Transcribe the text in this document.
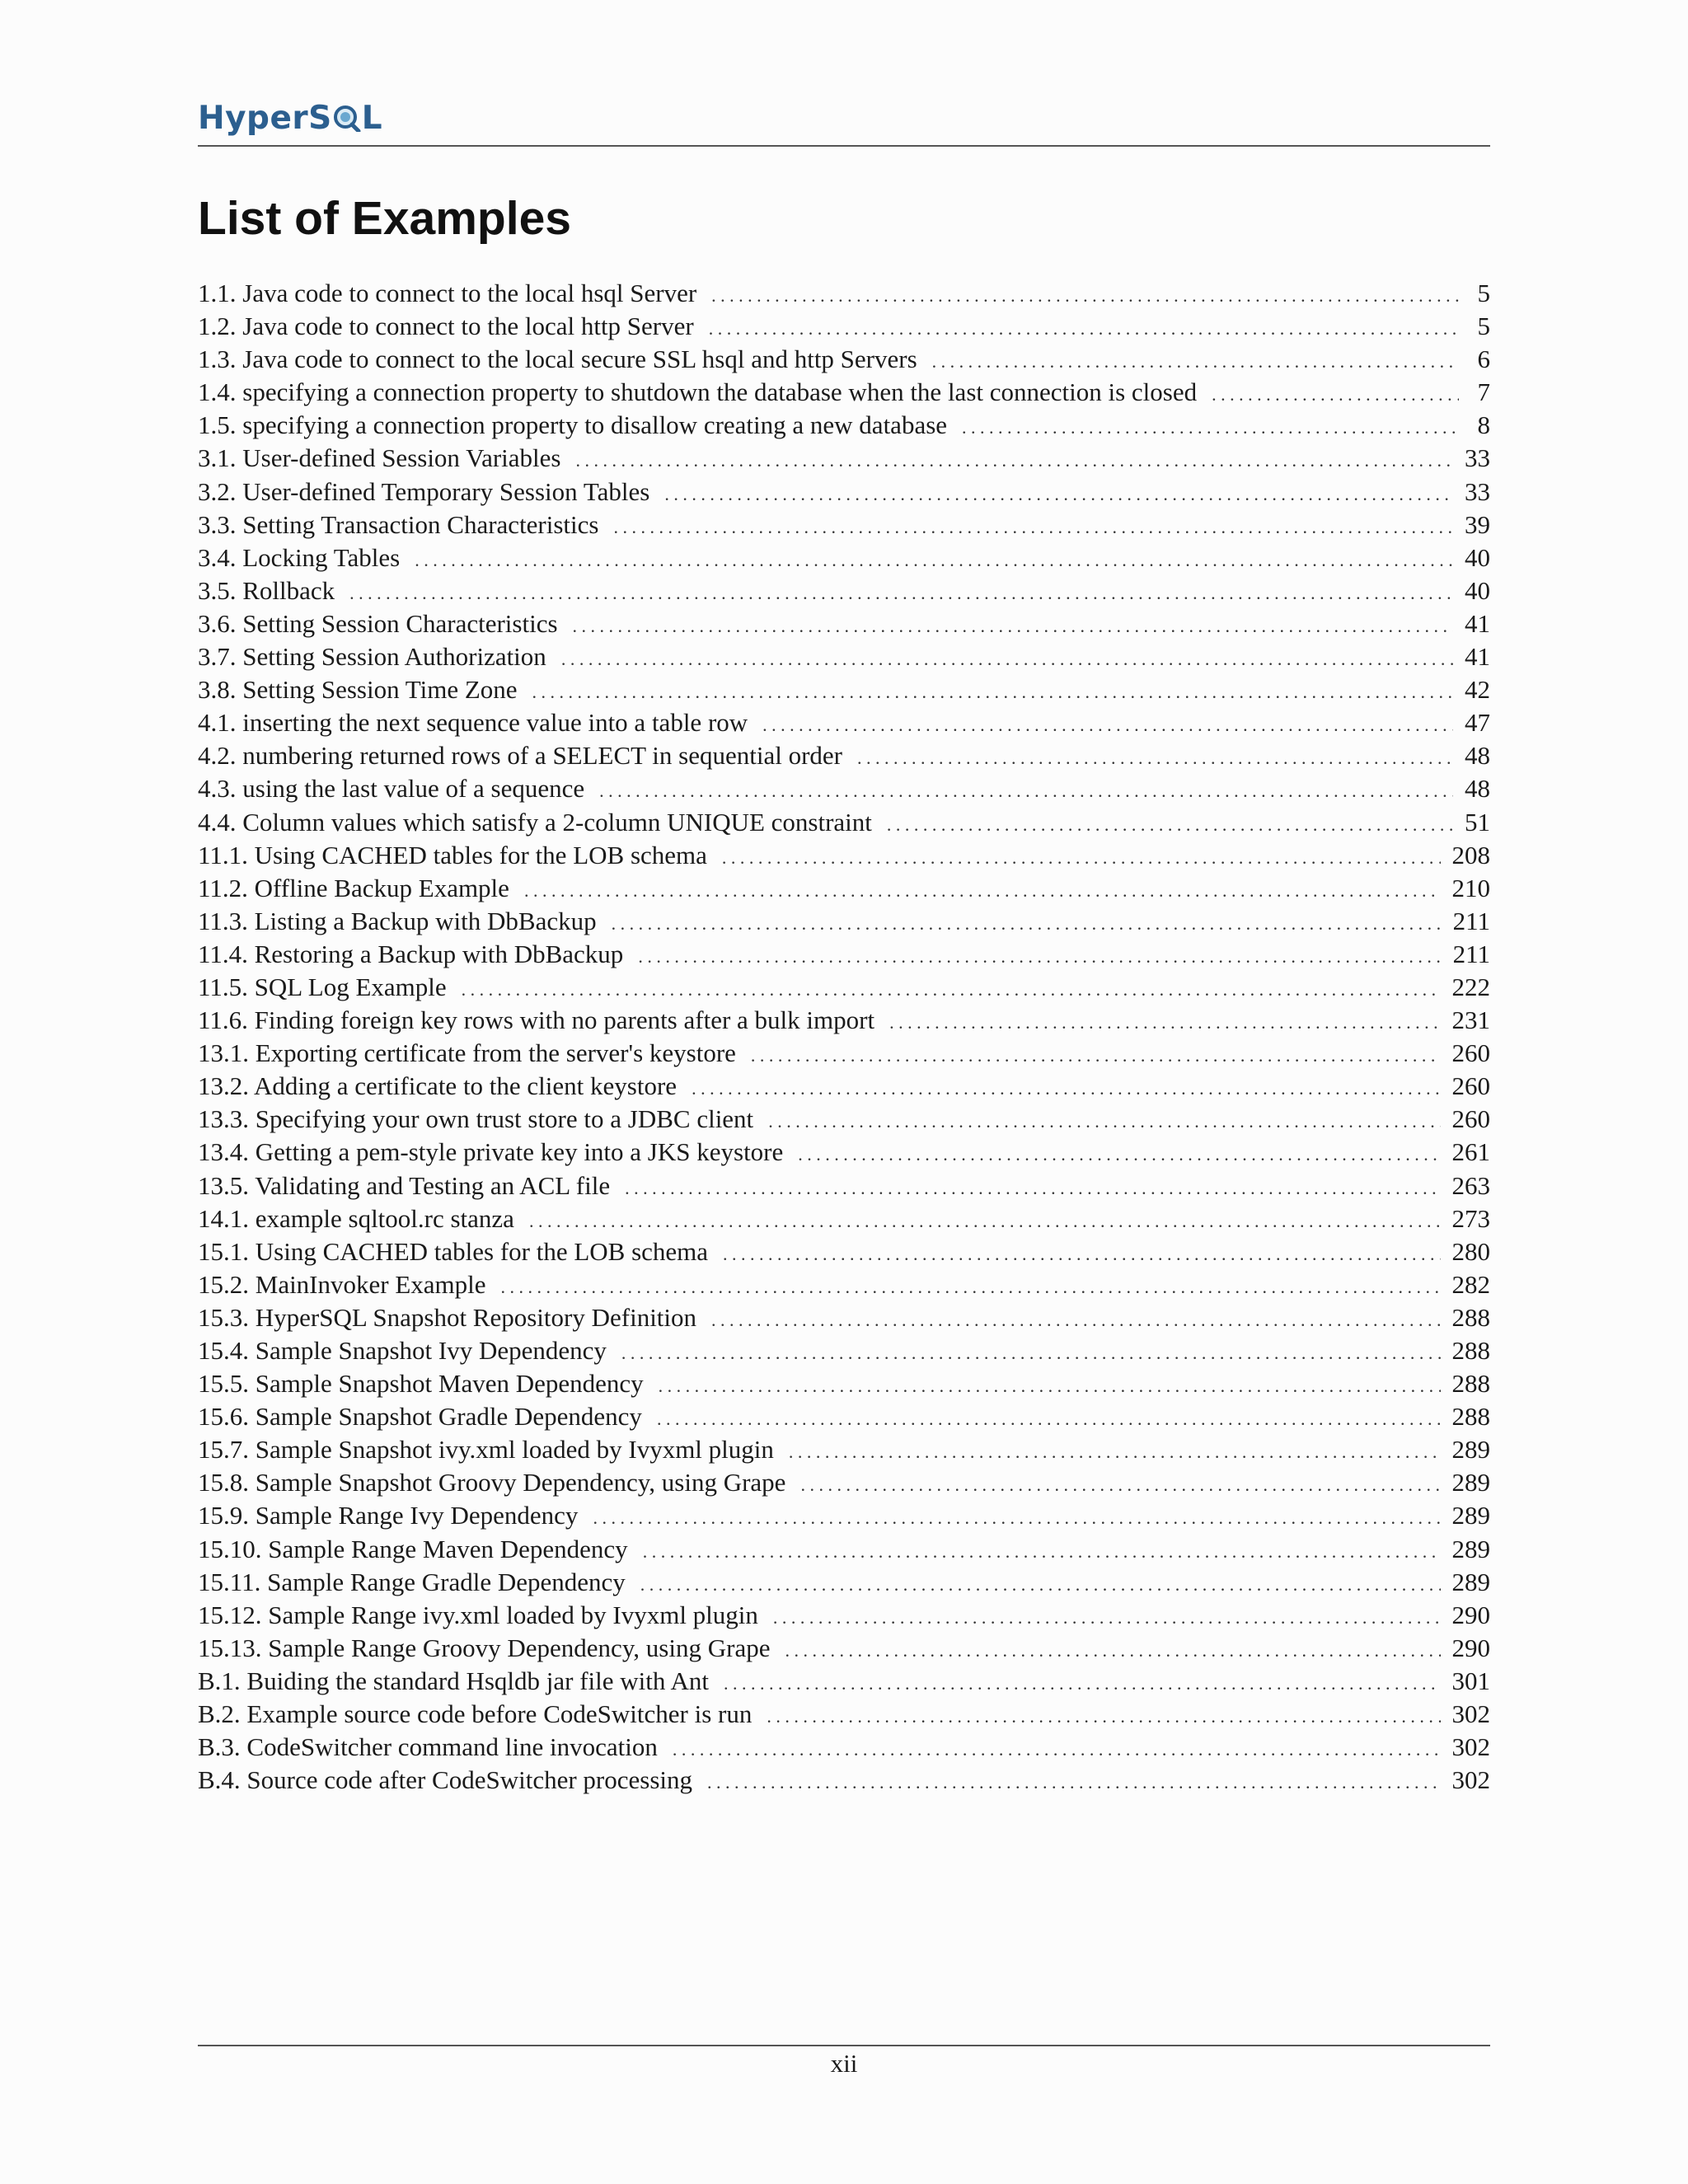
HyperS L
List of Examples
1.1. Java code to connect to the local hsql Server . . .	5
1.2. Java code to connect to the local http Server . . .	5
1.3. Java code to connect to the local secure SSL hsql and http Servers . . .	6
1.4. specifying a connection property to shutdown the database when the last connection is closed . . .	7
1.5. specifying a connection property to disallow creating a new database . . .	8
3.1. User-defined Session Variables . . .	33
3.2. User-defined Temporary Session Tables . . .	33
3.3. Setting Transaction Characteristics . . .	39
3.4. Locking Tables . . .	40
3.5. Rollback . . .	40
3.6. Setting Session Characteristics . . .	41
3.7. Setting Session Authorization . . .	41
3.8. Setting Session Time Zone . . .	42
4.1. inserting the next sequence value into a table row . . .	47
4.2. numbering returned rows of a SELECT in sequential order . . .	48
4.3. using the last value of a sequence . . .	48
4.4. Column values which satisfy a 2-column UNIQUE constraint . . .	51
11.1. Using CACHED tables for the LOB schema . . .	208
11.2. Offline Backup Example . . .	210
11.3. Listing a Backup with DbBackup . . .	211
11.4. Restoring a Backup with DbBackup . . .	211
11.5. SQL Log Example . . .	222
11.6. Finding foreign key rows with no parents after a bulk import . . .	231
13.1. Exporting certificate from the server's keystore . . .	260
13.2. Adding a certificate to the client keystore . . .	260
13.3. Specifying your own trust store to a JDBC client . . .	260
13.4. Getting a pem-style private key into a JKS keystore . . .	261
13.5. Validating and Testing an ACL file . . .	263
14.1. example sqltool.rc stanza . . .	273
15.1. Using CACHED tables for the LOB schema . . .	280
15.2. MainInvoker Example . . .	282
15.3. HyperSQL Snapshot Repository Definition . . .	288
15.4. Sample Snapshot Ivy Dependency . . .	288
15.5. Sample Snapshot Maven Dependency . . .	288
15.6. Sample Snapshot Gradle Dependency . . .	288
15.7. Sample Snapshot ivy.xml loaded by Ivyxml plugin . . .	289
15.8. Sample Snapshot Groovy Dependency, using Grape . . .	289
15.9. Sample Range Ivy Dependency . . .	289
15.10. Sample Range Maven Dependency . . .	289
15.11. Sample Range Gradle Dependency . . .	289
15.12. Sample Range ivy.xml loaded by Ivyxml plugin . . .	290
15.13. Sample Range Groovy Dependency, using Grape . . .	290
B.1. Buiding the standard Hsqldb jar file with Ant . . .	301
B.2. Example source code before CodeSwitcher is run . . .	302
B.3. CodeSwitcher command line invocation . . .	302
B.4. Source code after CodeSwitcher processing . . .	302
xii
